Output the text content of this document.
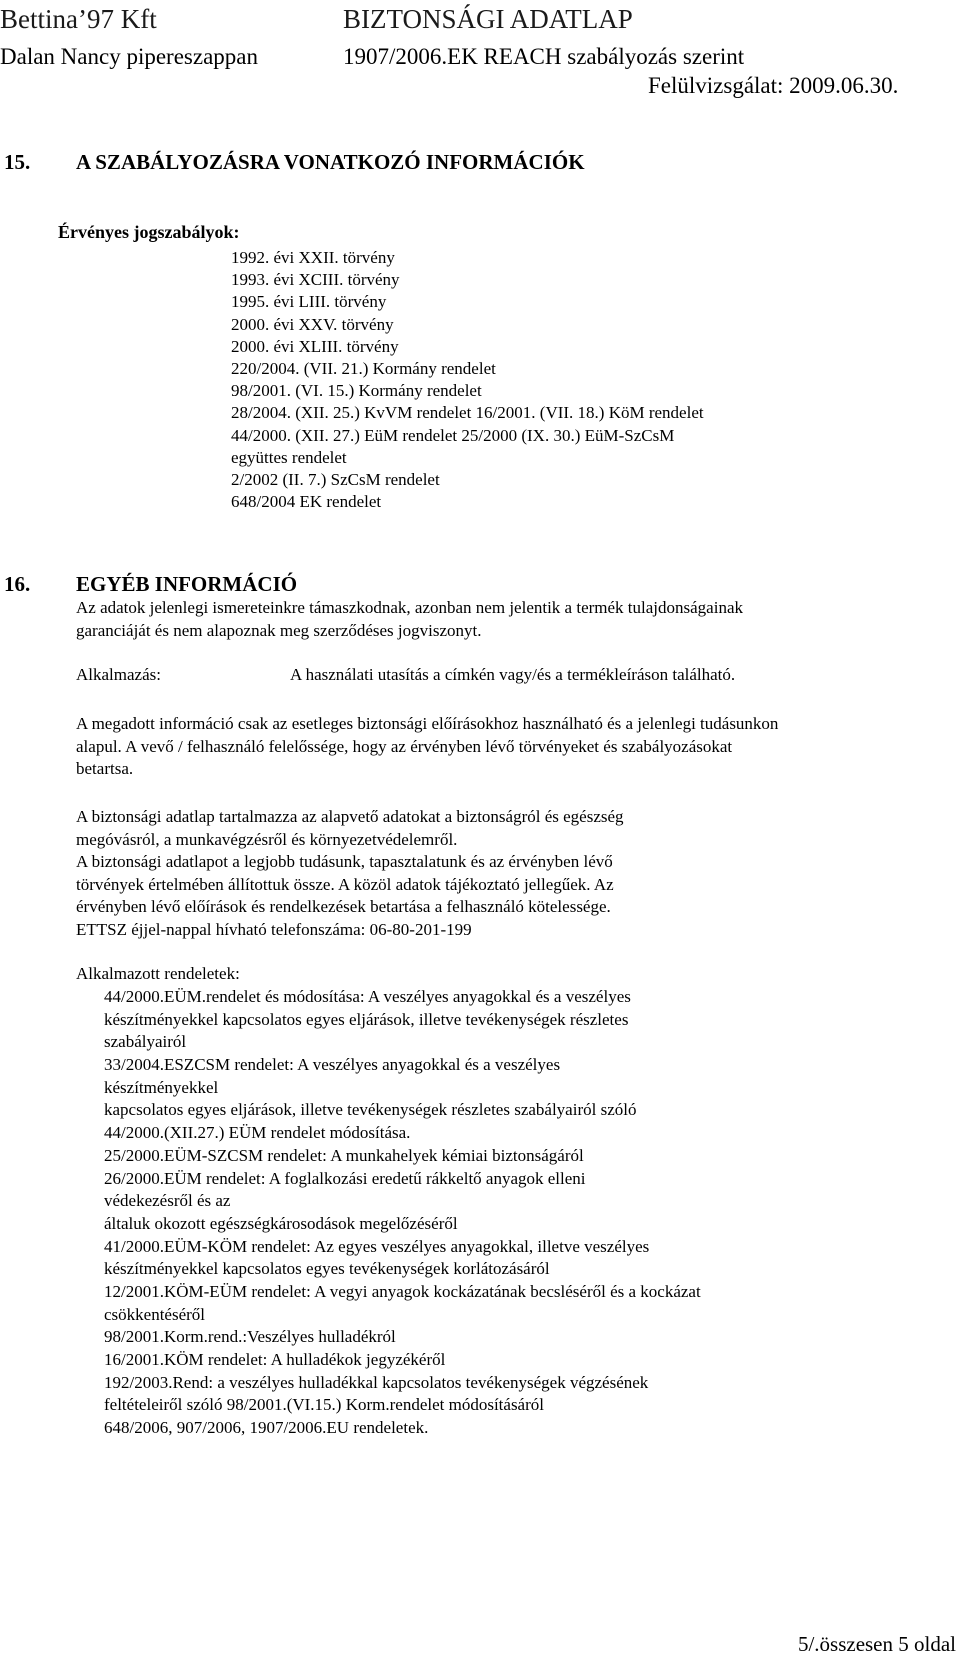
Bettina’97 Kft	BIZTONSÁGI ADATLAP
Dalan Nancy pipereszappan	1907/2006.EK REACH szabályozás szerint
Felülvizsgálat: 2009.06.30.
15. A SZABÁLYOZÁSRA VONATKOZÓ INFORMÁCIÓK
Érvényes jogszabályok:
1992. évi XXII. törvény
1993. évi XCIII. törvény
1995. évi LIII. törvény
2000. évi XXV. törvény
2000. évi XLIII. törvény
220/2004. (VII. 21.) Kormány rendelet
98/2001. (VI. 15.) Kormány rendelet
28/2004. (XII. 25.) KvVM rendelet 16/2001. (VII. 18.) KöM rendelet
44/2000. (XII. 27.) EüM rendelet 25/2000 (IX. 30.) EüM-SzCsM
együttes rendelet
2/2002 (II. 7.) SzCsM rendelet
648/2004 EK rendelet
16. EGYÉB INFORMÁCIÓ
Az adatok jelenlegi ismereteinkre támaszkodnak, azonban nem jelentik a termék tulajdonságainak
garanciáját és nem alapoznak meg szerződéses jogviszonyt.
Alkalmazás:	A használati utasítás a címkén vagy/és a termékleíráson található.
A megadott információ csak az esetleges biztonsági előírásokhoz használható és a jelenlegi tudásunkon
alapul. A vevő / felhasználó felelőssége, hogy az érvényben lévő törvényeket és szabályozásokat
betartsa.
A biztonsági adatlap tartalmazza az alapvető adatokat a biztonságról és egészség
megóvásról, a munkavégzésről és környezetvédelemről.
A biztonsági adatlapot a legjobb tudásunk, tapasztalatunk és az érvényben lévő
törvények értelmében állítottuk össze. A közöl adatok tájékoztató jellegűek. Az
érvényben lévő előírások és rendelkezések betartása a felhasználó kötelessége.
ETTSZ éjjel-nappal hívható telefonszáma: 06-80-201-199
Alkalmazott rendeletek:
44/2000.EÜM.rendelet és módosítása: A veszélyes anyagokkal és a veszélyes
készítményekkel kapcsolatos egyes eljárások, illetve tevékenységek részletes
szabályairól
33/2004.ESZCSM rendelet: A veszélyes anyagokkal és a veszélyes
készítményekkel
kapcsolatos egyes eljárások, illetve tevékenységek részletes szabályairól szóló
44/2000.(XII.27.) EÜM rendelet módosítása.
25/2000.EÜM-SZCSM rendelet: A munkahelyek kémiai biztonságáról
26/2000.EÜM rendelet: A foglalkozási eredetű rákkeltő anyagok elleni
védekezésről és az
általuk okozott egészségkárosodások megelőzéséről
41/2000.EÜM-KÖM rendelet: Az egyes veszélyes anyagokkal, illetve veszélyes
készítményekkel kapcsolatos egyes tevékenységek korlátozásáról
12/2001.KÖM-EÜM rendelet: A vegyi anyagok kockázatának becsléséről és a kockázat
csökkentéséről
98/2001.Korm.rend.:Veszélyes hulladékról
16/2001.KÖM rendelet: A hulladékok jegyzékéről
192/2003.Rend: a veszélyes hulladékkal kapcsolatos tevékenységek végzésének
feltételeiről szóló 98/2001.(VI.15.) Korm.rendelet módosításáról
648/2006, 907/2006, 1907/2006.EU rendeletek.
5/.összesen 5 oldal
